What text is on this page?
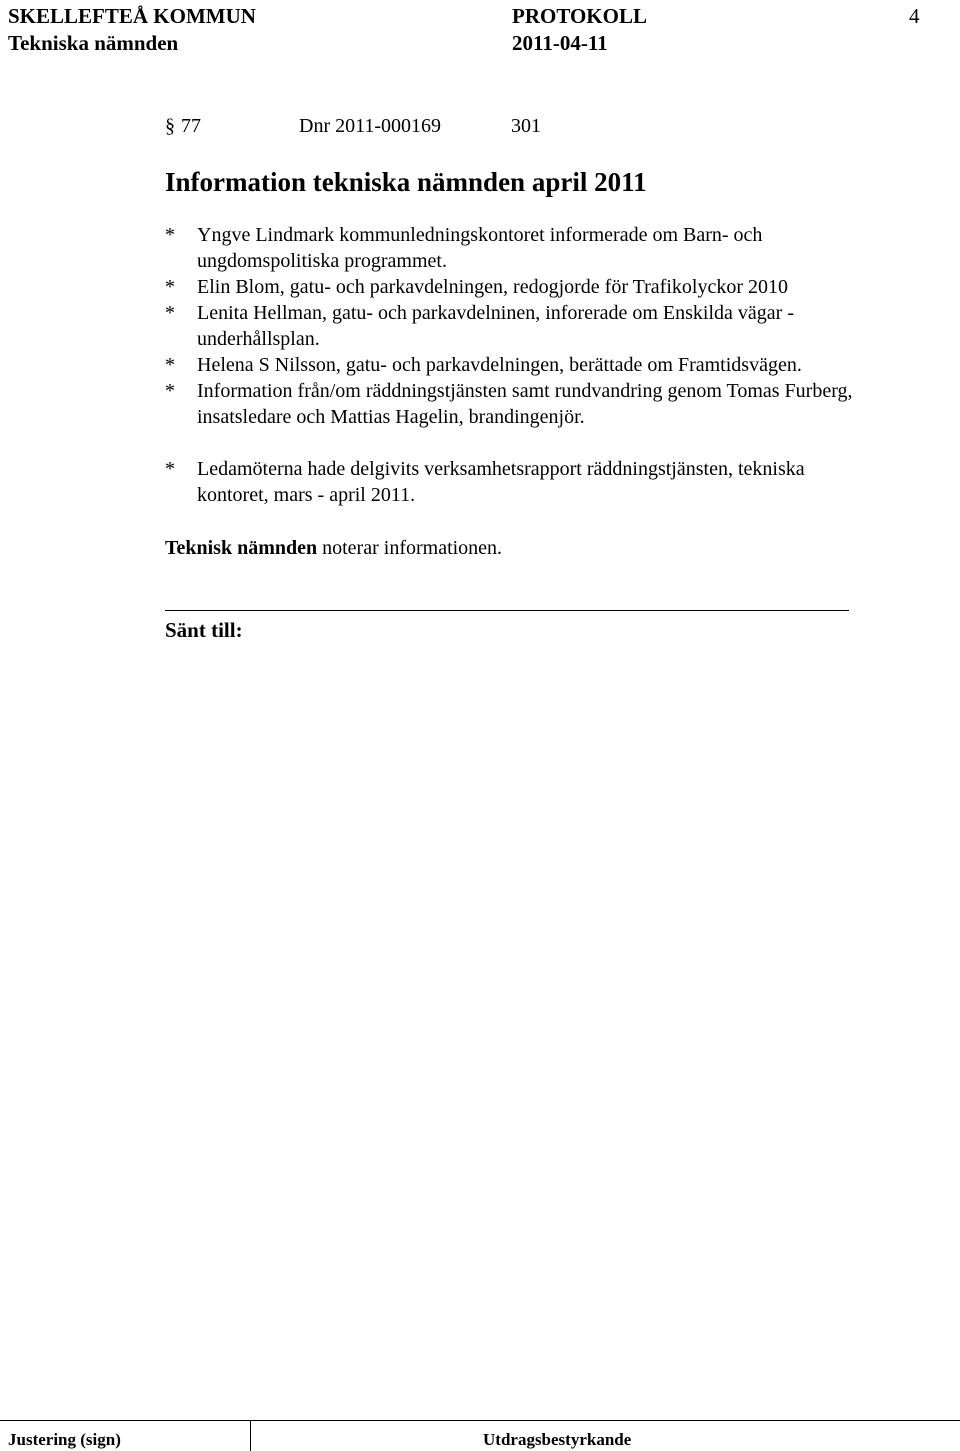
SKELLEFTEÅ KOMMUN	PROTOKOLL	4
Tekniska nämnden	2011-04-11
§ 77	Dnr 2011-000169	301
Information tekniska nämnden april 2011
* Yngve Lindmark kommunledningskontoret informerade om Barn- och
ungdomspolitiska programmet.
* Elin Blom, gatu- och parkavdelningen, redogjorde för Trafikolyckor 2010
* Lenita Hellman, gatu- och parkavdelninen, inforerade om Enskilda vägar -
underhållsplan.
* Helena S Nilsson, gatu- och parkavdelningen, berättade om Framtidsvägen.
* Information från/om räddningstjänsten samt rundvandring genom Tomas Furberg,
insatsledare och Mattias Hagelin, brandingenjör.
* Ledamöterna hade delgivits verksamhetsrapport räddningstjänsten, tekniska
kontoret, mars - april 2011.
Teknisk nämnden noterar informationen.
Sänt till:
Justering (sign)	Utdragsbestyrkande
